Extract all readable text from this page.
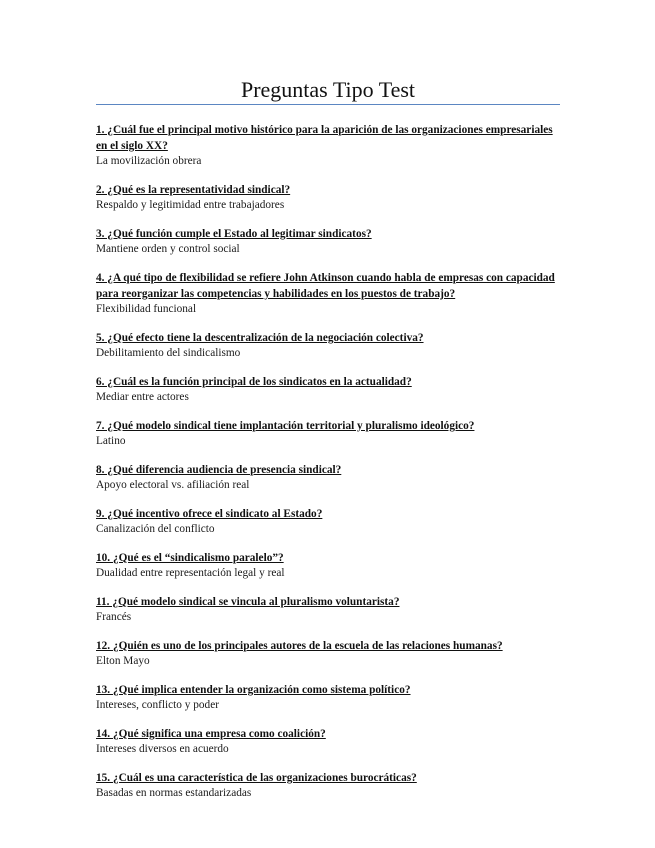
Preguntas Tipo Test

1. ¿Cuál fue el principal motivo histórico para la aparición de las organizaciones empresariales en el siglo XX?

La movilización obrera

2. ¿Qué es la representatividad sindical?

Respaldo y legitimidad entre trabajadores

3. ¿Qué función cumple el Estado al legitimar sindicatos?

Mantiene orden y control social

4. ¿A qué tipo de flexibilidad se refiere John Atkinson cuando habla de empresas con capacidad para reorganizar las competencias y habilidades en los puestos de trabajo?

Flexibilidad funcional

5. ¿Qué efecto tiene la descentralización de la negociación colectiva?

Debilitamiento del sindicalismo

6. ¿Cuál es la función principal de los sindicatos en la actualidad?

Mediar entre actores

7. ¿Qué modelo sindical tiene implantación territorial y pluralismo ideológico?

Latino

8. ¿Qué diferencia audiencia de presencia sindical?

Apoyo electoral vs. afiliación real

9. ¿Qué incentivo ofrece el sindicato al Estado?

Canalización del conflicto

10. ¿Qué es el “sindicalismo paralelo”?

Dualidad entre representación legal y real

11. ¿Qué modelo sindical se vincula al pluralismo voluntarista?

Francés

12. ¿Quién es uno de los principales autores de la escuela de las relaciones humanas?

Elton Mayo

13. ¿Qué implica entender la organización como sistema político?

Intereses, conflicto y poder

14. ¿Qué significa una empresa como coalición?

Intereses diversos en acuerdo

15. ¿Cuál es una característica de las organizaciones burocráticas?

Basadas en normas estandarizadas
